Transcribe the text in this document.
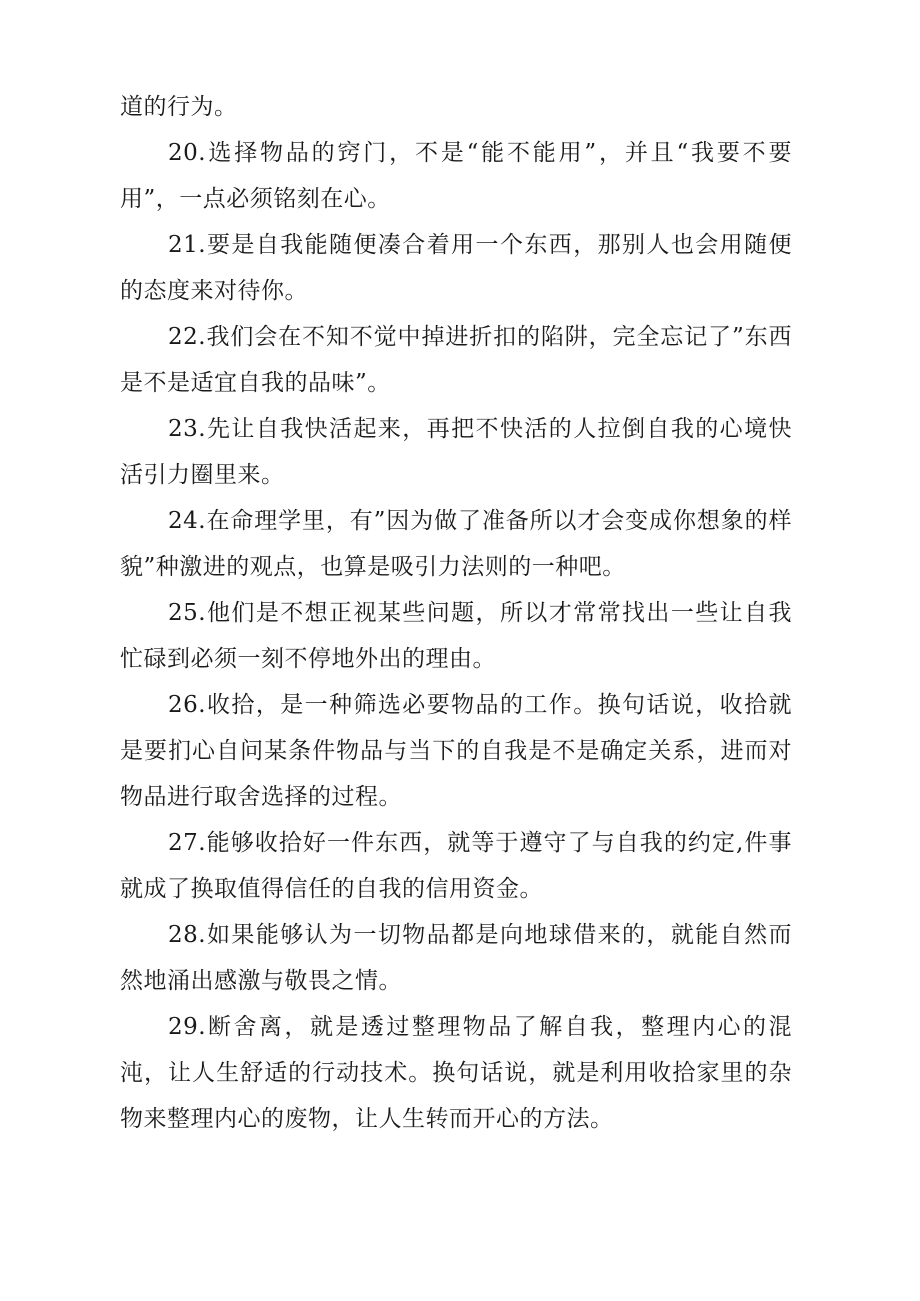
道的行为。

20.选择物品的窍门，不是“能不能用”，并且“我要不要用”，一点必须铭刻在心。

21.要是自我能随便凑合着用一个东西，那别人也会用随便的态度来对待你。

22.我们会在不知不觉中掉进折扣的陷阱，完全忘记了”东西是不是适宜自我的品味”。

23.先让自我快活起来，再把不快活的人拉倒自我的心境快活引力圈里来。

24.在命理学里，有”因为做了准备所以才会变成你想象的样貌”种激进的观点，也算是吸引力法则的一种吧。

25.他们是不想正视某些问题，所以才常常找出一些让自我忙碌到必须一刻不停地外出的理由。

26.收拾，是一种筛选必要物品的工作。换句话说，收拾就是要扪心自问某条件物品与当下的自我是不是确定关系，进而对物品进行取舍选择的过程。

27.能够收拾好一件东西，就等于遵守了与自我的约定,件事就成了换取值得信任的自我的信用资金。

28.如果能够认为一切物品都是向地球借来的，就能自然而然地涌出感激与敬畏之情。

29.断舍离，就是透过整理物品了解自我，整理内心的混沌，让人生舒适的行动技术。换句话说，就是利用收拾家里的杂物来整理内心的废物，让人生转而开心的方法。
